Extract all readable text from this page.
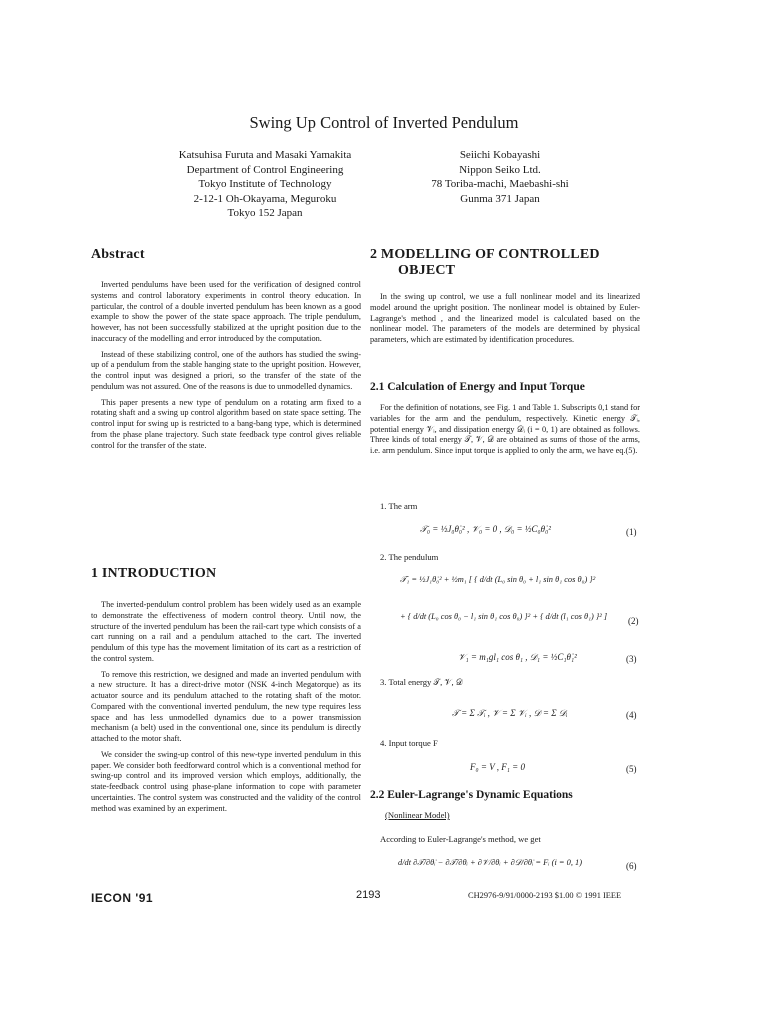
Swing Up Control of Inverted Pendulum
Katsuhisa Furuta and Masaki Yamakita
Department of Control Engineering
Tokyo Institute of Technology
2-12-1 Oh-Okayama, Meguroku
Tokyo 152 Japan
Seiichi Kobayashi
Nippon Seiko Ltd.
78 Toriba-machi, Maebashi-shi
Gunma 371 Japan
Abstract

Inverted pendulums have been used for the verification of designed control systems and control laboratory experiments in control theory education. In particular, the control of a double inverted pendulum has been known as a good example to show the power of the state space approach. The triple pendulum, however, has not been successfully stabilized at the upright position due to the inaccuracy of the modelling and error introduced by the computation.

Instead of these stabilizing control, one of the authors has studied the swing-up of a pendulum from the stable hanging state to the upright position. However, the control input was designed a priori, so the transfer of the state of the pendulum was not assured. One of the reasons is due to unmodelled dynamics.

This paper presents a new type of pendulum on a rotating arm fixed to a rotating shaft and a swing up control algorithm based on state space setting. The control input for swing up is restricted to a bang-bang type, which is determined from the phase plane trajectory. Such state feedback type control gives reliable control for the transfer of the state.

1 INTRODUCTION

The inverted-pendulum control problem has been widely used as an example to demonstrate the effectiveness of modern control theory. Until now, the structure of the inverted pendulum has been the rail-cart type which consists of a cart running on a rail and a pendulum attached to the cart. The inverted pendulum of this type has the movement limitation of its cart as a restriction of the control system.

To remove this restriction, we designed and made an inverted pendulum with a new structure. It has a direct-drive motor (NSK 4-inch Megatorque) as its actuator source and its pendulum attached to the rotating shaft of the motor. Compared with the conventional inverted pendulum, the new type requires less space and has less unmodelled dynamics due to a power transmission mechanism (a belt) used in the conventional one, since its pendulum is directly attached to the motor shaft.

We consider the swing-up control of this new-type inverted pendulum in this paper. We consider both feedforward control which is a conventional method for swing-up control and its improved version which employs, additionally, the state-feedback control using phase-plane information to cope with parameter uncertainties. The control system was constructed and the validity of the control method was examined by an experiment.

2 MODELLING OF CONTROLLED
OBJECT

In the swing up control, we use a full nonlinear model and its linearized model around the upright position. The nonlinear model is obtained by Euler-Lagrange's method , and the linearized model is calculated based on the nonlinear model. The parameters of the models are determined by physical parameters, which are estimated by identification procedures.

2.1 Calculation of Energy and Input Torque

For the definition of notations, see Fig. 1 and Table 1. Subscripts 0,1 stand for variables for the arm and the pendulum, respectively. Kinetic energy 𝒯ᵢ, potential energy 𝒱ᵢ, and dissipation energy 𝒟ᵢ (i = 0, 1) are obtained as follows. Three kinds of total energy 𝒯, 𝒱, 𝒟 are obtained as sums of those of the arms, i.e. arm pendulum. Since input torque is applied to only the arm, we have eq.(5).

1. The arm
𝒯₀ = ½J₀θ̇₀² , 𝒱₀ = 0 , 𝒟₀ = ½C₀θ̇₀²	(1)
2. The pendulum
𝒯₁ = ½J₁θ̇₀² + ½m₁ [ { d/dt (L₀ sin θ₀ + l₁ sin θ₁ cos θ₀) }²
+ { d/dt (L₀ cos θ₀ − l₁ sin θ₁ cos θ₀) }² + { d/dt (l₁ cos θ₁) }² ] (2)
𝒱₁ = m₁gl₁ cos θ₁ , 𝒟₁ = ½C₁θ̇₁²	(3)
3. Total energy 𝒯, 𝒱, 𝒟
𝒯 = Σ 𝒯ᵢ , 𝒱 = Σ 𝒱ᵢ , 𝒟 = Σ 𝒟ᵢ	(4)
4. Input torque F
F₀ = V , F₁ = 0	(5)
2.2 Euler-Lagrange's Dynamic Equations
(Nonlinear Model)
According to Euler-Lagrange's method, we get
d/dt ∂𝒯/∂θ̇ᵢ − ∂𝒯/∂θᵢ + ∂𝒱/∂θᵢ + ∂𝒟/∂θ̇ᵢ = Fᵢ (i = 0, 1)	(6)
IECON '91	2193	CH2976-9/91/0000-2193 $1.00 © 1991 IEEE
